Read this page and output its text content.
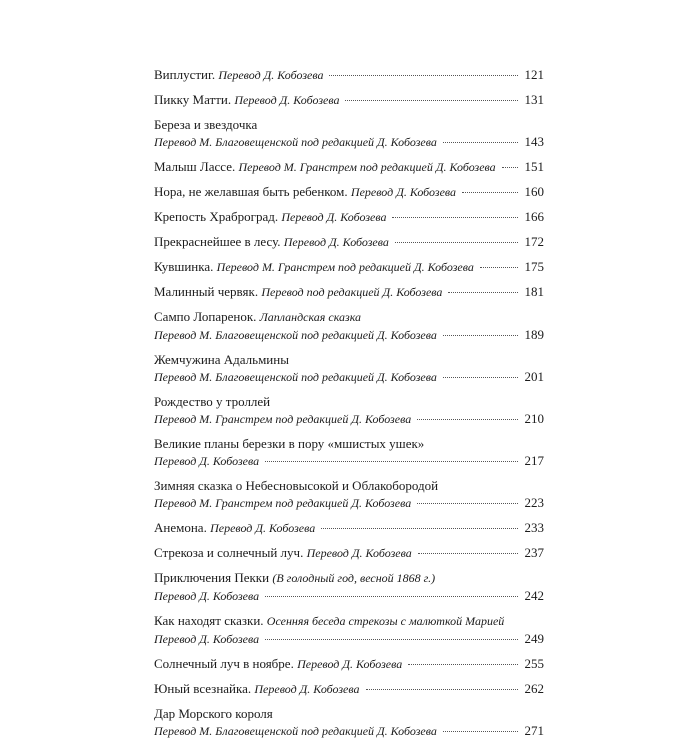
Виплустиг. Перевод Д. Кобозева	121
Пикку Матти. Перевод Д. Кобозева	131
Береза и звездочка
Перевод М. Благовещенской под редакцией Д. Кобозева	143
Малыш Лассе. Перевод М. Гранстрем под редакцией Д. Кобозева 151
Нора, не желавшая быть ребенком. Перевод Д. Кобозева	160
Крепость Храброград. Перевод Д. Кобозева	166
Прекраснейшее в лесу. Перевод Д. Кобозева	172
Кувшинка. Перевод М. Гранстрем под редакцией Д. Кобозева	175
Малинный червяк. Перевод под редакцией Д. Кобозева	181
Сампо Лопаренок. Лапландская сказка
Перевод М. Благовещенской под редакцией Д. Кобозева	189
Жемчужина Адальмины
Перевод М. Благовещенской под редакцией Д. Кобозева	201
Рождество у троллей
Перевод М. Гранстрем под редакцией Д. Кобозева	210
Великие планы березки в пору «мшистых ушек»
Перевод Д. Кобозева	217
Зимняя сказка о Небесновысокой и Облакобородой
Перевод М. Гранстрем под редакцией Д. Кобозева	223
Анемона. Перевод Д. Кобозева	233
Стрекоза и солнечный луч. Перевод Д. Кобозева	237
Приключения Пекки (В голодный год, весной 1868 г.)
Перевод Д. Кобозева	242
Как находят сказки. Осенняя беседа стрекозы с малюткой Марией
Перевод Д. Кобозева	249
Солнечный луч в ноябре. Перевод Д. Кобозева	255
Юный всезнайка. Перевод Д. Кобозева	262
Дар Морского короля
Перевод М. Благовещенской под редакцией Д. Кобозева	271
